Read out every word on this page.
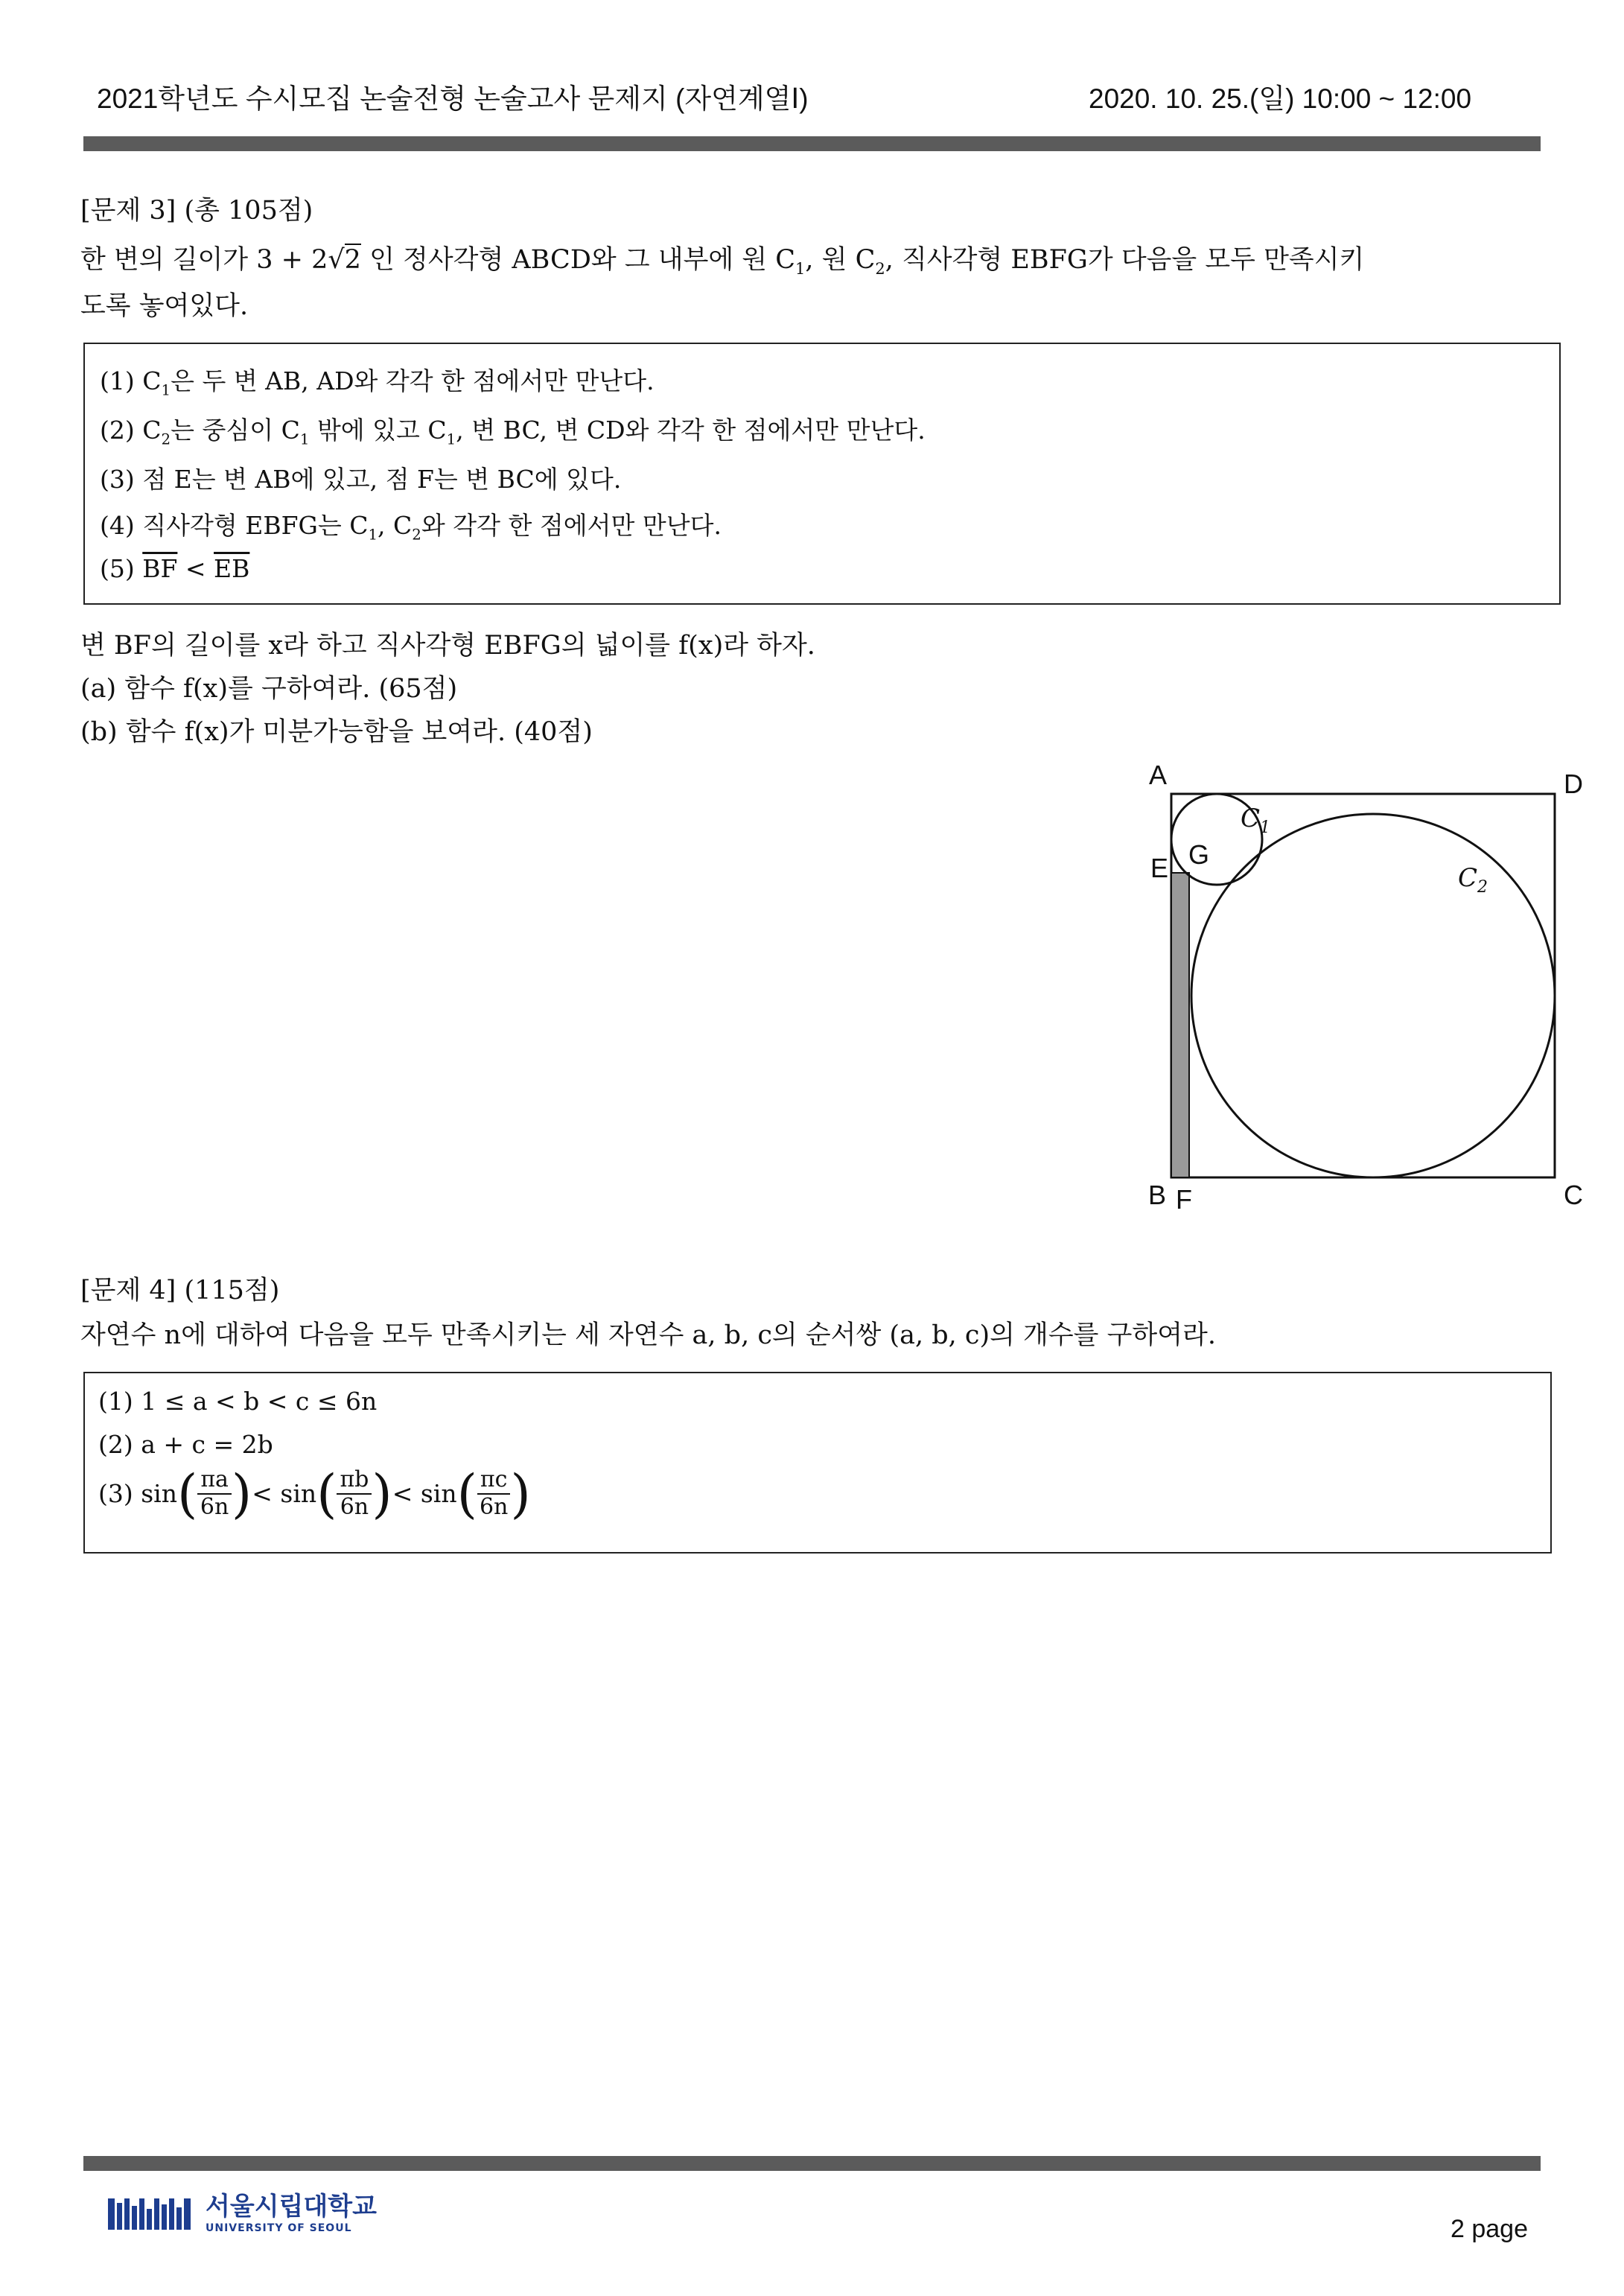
2021학년도 수시모집 논술전형 논술고사 문제지 (자연계열Ⅰ)	2020. 10. 25.(일) 10:00 ~ 12:00
[문제 3] (총 105점)
한 변의 길이가 3 + 2√2 인 정사각형 ABCD와 그 내부에 원 $C_1$, 원 $C_2$, 직사각형 EBFG가 다음을 모두 만족시키
도록 놓여있다.
(1) $C_1$은 두 변 AB, AD와 각각 한 점에서만 만난다.
(2) $C_2$는 중심이 $C_1$ 밖에 있고 $C_1$, 변 BC, 변 CD와 각각 한 점에서만 만난다.
(3) 점 E는 변 AB에 있고, 점 F는 변 BC에 있다.
(4) 직사각형 EBFG는 $C_1$, $C_2$와 각각 한 점에서만 만난다.
(5) $\overline{BF} < \overline{EB}$
변 BF의 길이를 x라 하고 직사각형 EBFG의 넓이를 f(x)라 하자.
(a) 함수 f(x)를 구하여라. (65점)
(b) 함수 f(x)가 미분가능함을 보여라. (40점)
A	D
E G
B F	C
$C_1$
$C_2$
[문제 4] (115점)
자연수 n에 대하여 다음을 모두 만족시키는 세 자연수 a, b, c의 순서쌍 (a, b, c)의 개수를 구하여라.
(1) 1 ≤ a < b < c ≤ 6n
(2) a + c = 2b
(3)
sin ( $\frac{\pi a}{6n}$ ) <
sin ( $\frac{\pi b}{6n}$ ) <
sin ( $\frac{\pi c}{6n}$ )
서울시립대학교
UNIVERSITY OF SEOUL	2 page
